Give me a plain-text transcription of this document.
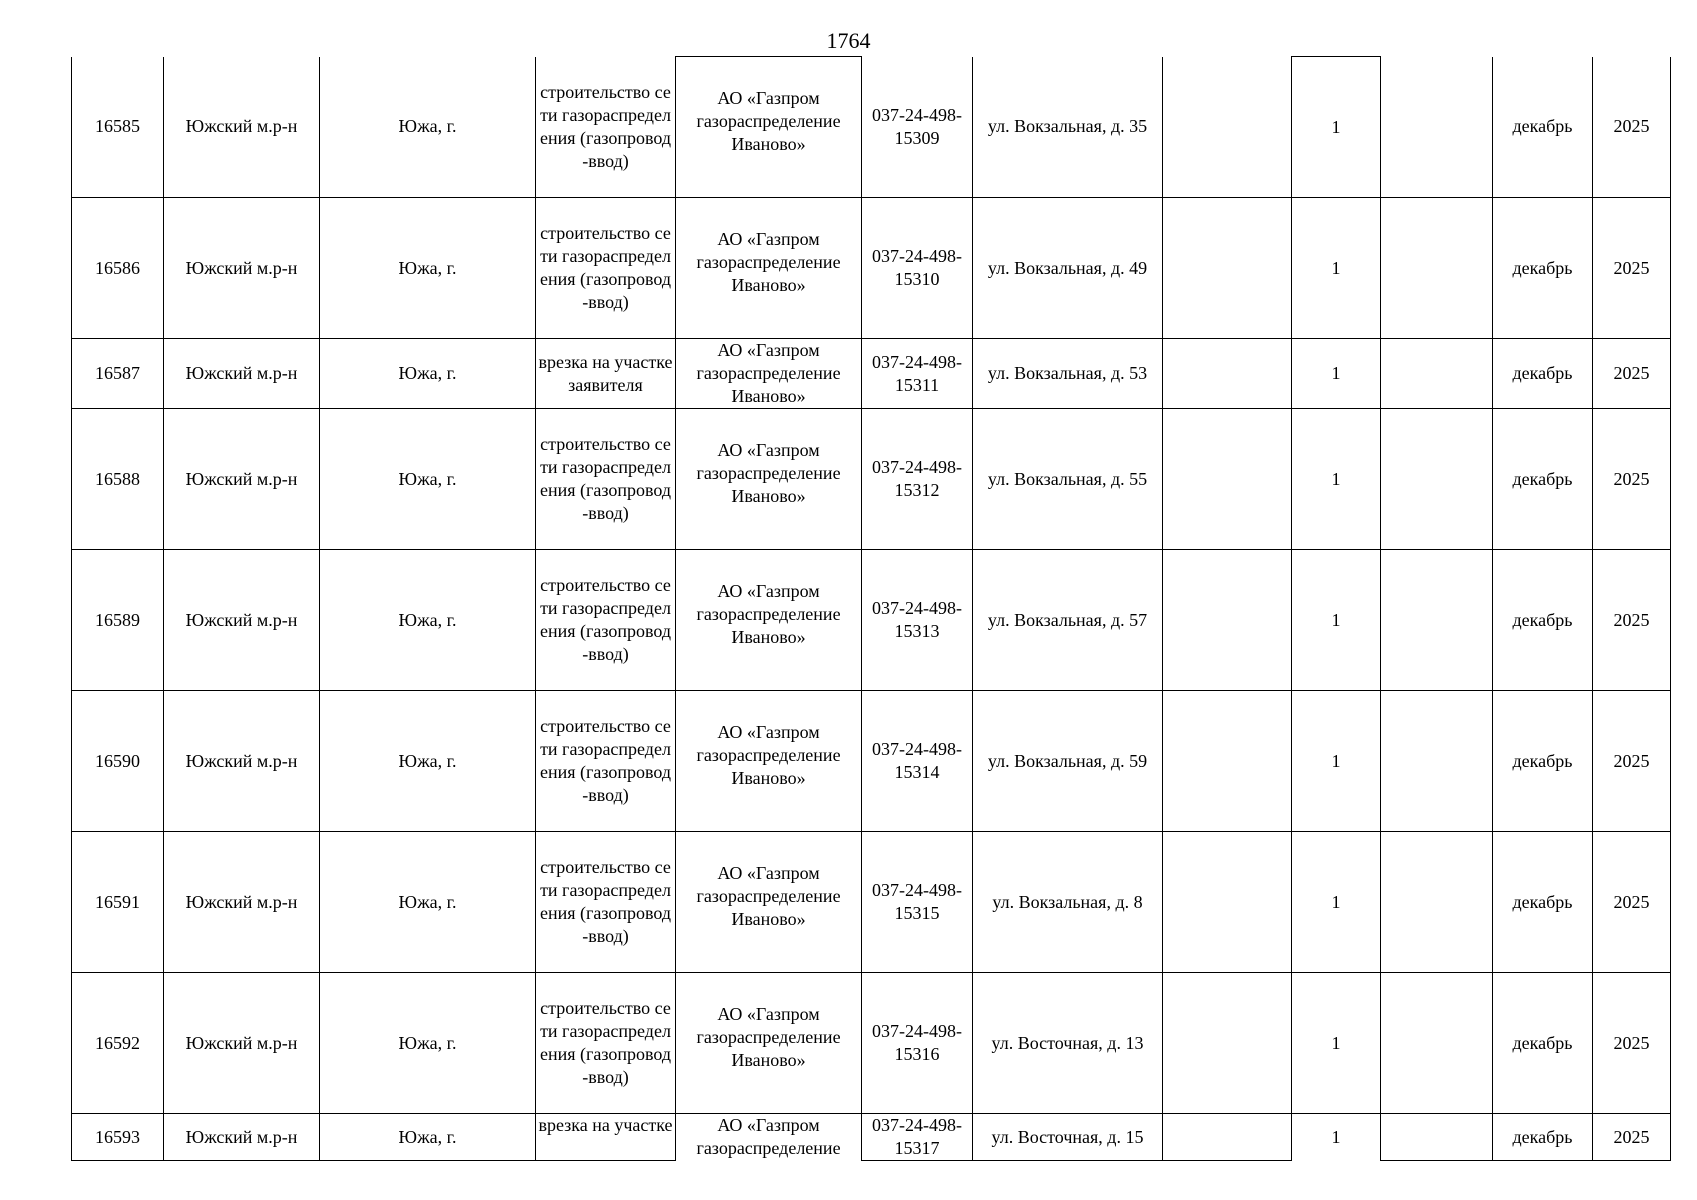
1764
16585	Южский м.р-н	Южа, г.	строительство сети газораспределения (газопровод-ввод)	АО «Газпром газораспределение Иваново»	037-24-498-15309	ул. Вокзальная, д. 35		1		декабрь	2025
16586	Южский м.р-н	Южа, г.	строительство сети газораспределения (газопровод-ввод)	АО «Газпром газораспределение Иваново»	037-24-498-15310	ул. Вокзальная, д. 49		1		декабрь	2025
16587	Южский м.р-н	Южа, г.	врезка на участке заявителя	АО «Газпром газораспределение Иваново»	037-24-498-15311	ул. Вокзальная, д. 53		1		декабрь	2025
16588	Южский м.р-н	Южа, г.	строительство сети газораспределения (газопровод-ввод)	АО «Газпром газораспределение Иваново»	037-24-498-15312	ул. Вокзальная, д. 55		1		декабрь	2025
16589	Южский м.р-н	Южа, г.	строительство сети газораспределения (газопровод-ввод)	АО «Газпром газораспределение Иваново»	037-24-498-15313	ул. Вокзальная, д. 57		1		декабрь	2025
16590	Южский м.р-н	Южа, г.	строительство сети газораспределения (газопровод-ввод)	АО «Газпром газораспределение Иваново»	037-24-498-15314	ул. Вокзальная, д. 59		1		декабрь	2025
16591	Южский м.р-н	Южа, г.	строительство сети газораспределения (газопровод-ввод)	АО «Газпром газораспределение Иваново»	037-24-498-15315	ул. Вокзальная, д. 8		1		декабрь	2025
16592	Южский м.р-н	Южа, г.	строительство сети газораспределения (газопровод-ввод)	АО «Газпром газораспределение Иваново»	037-24-498-15316	ул. Восточная, д. 13		1		декабрь	2025
16593	Южский м.р-н	Южа, г.	врезка на участке	АО «Газпром газораспределение	037-24-498-15317	ул. Восточная, д. 15		1		декабрь	2025
